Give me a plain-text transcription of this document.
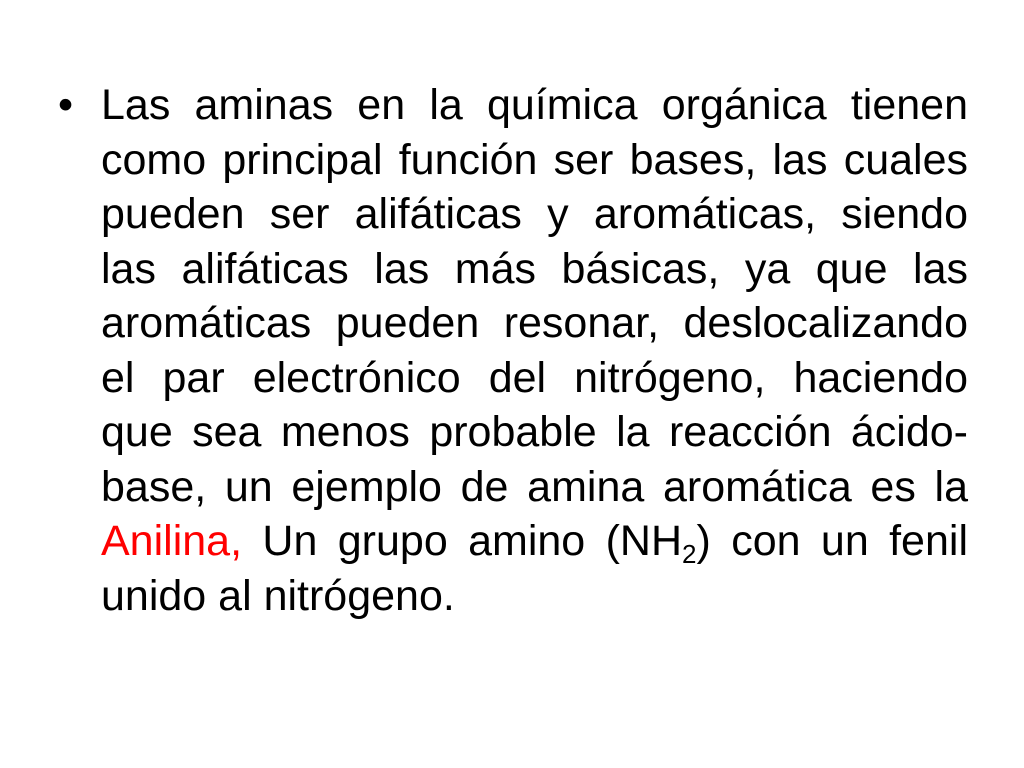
• Las aminas en la química orgánica tienen como principal función ser bases, las cuales pueden ser alifáticas y aromáticas, siendo las alifáticas las más básicas, ya que las aromáticas pueden resonar, deslocalizando el par electrónico del nitrógeno, haciendo que sea menos probable la reacción ácido-base, un ejemplo de amina aromática es la Anilina, Un grupo amino $(NH_2)$ con un fenil unido al nitrógeno.
